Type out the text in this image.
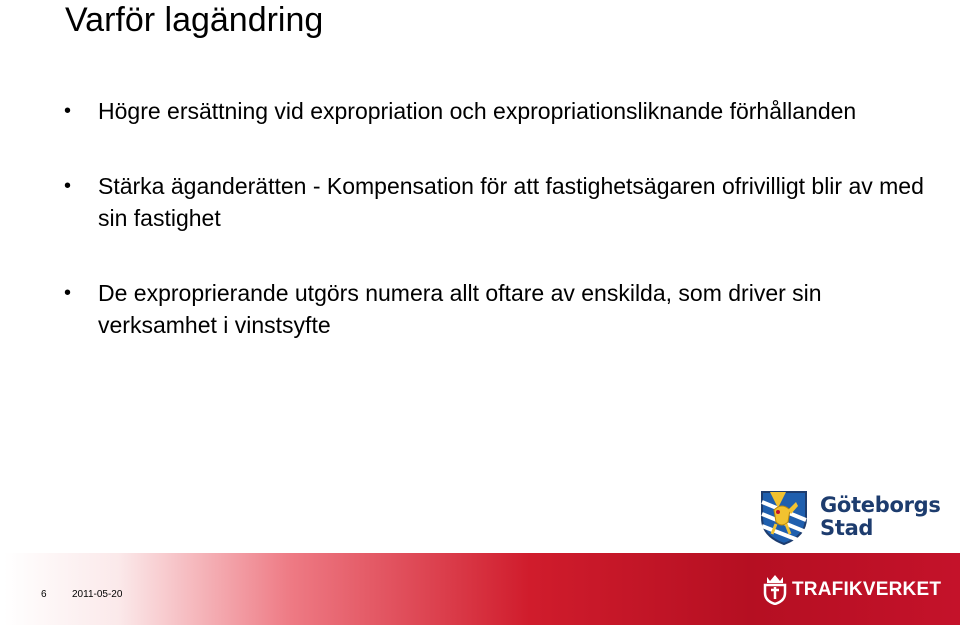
Varför lagändring
• Högre ersättning vid expropriation och expropriationsliknande förhållanden
• Stärka äganderätten - Kompensation för att fastighetsägaren ofrivilligt blir av med sin fastighet
• De exproprierande utgörs numera allt oftare av enskilda, som driver sin verksamhet i vinstsyfte
Göteborgs
Stad
6	2011-05-20	TRAFIKVERKET
